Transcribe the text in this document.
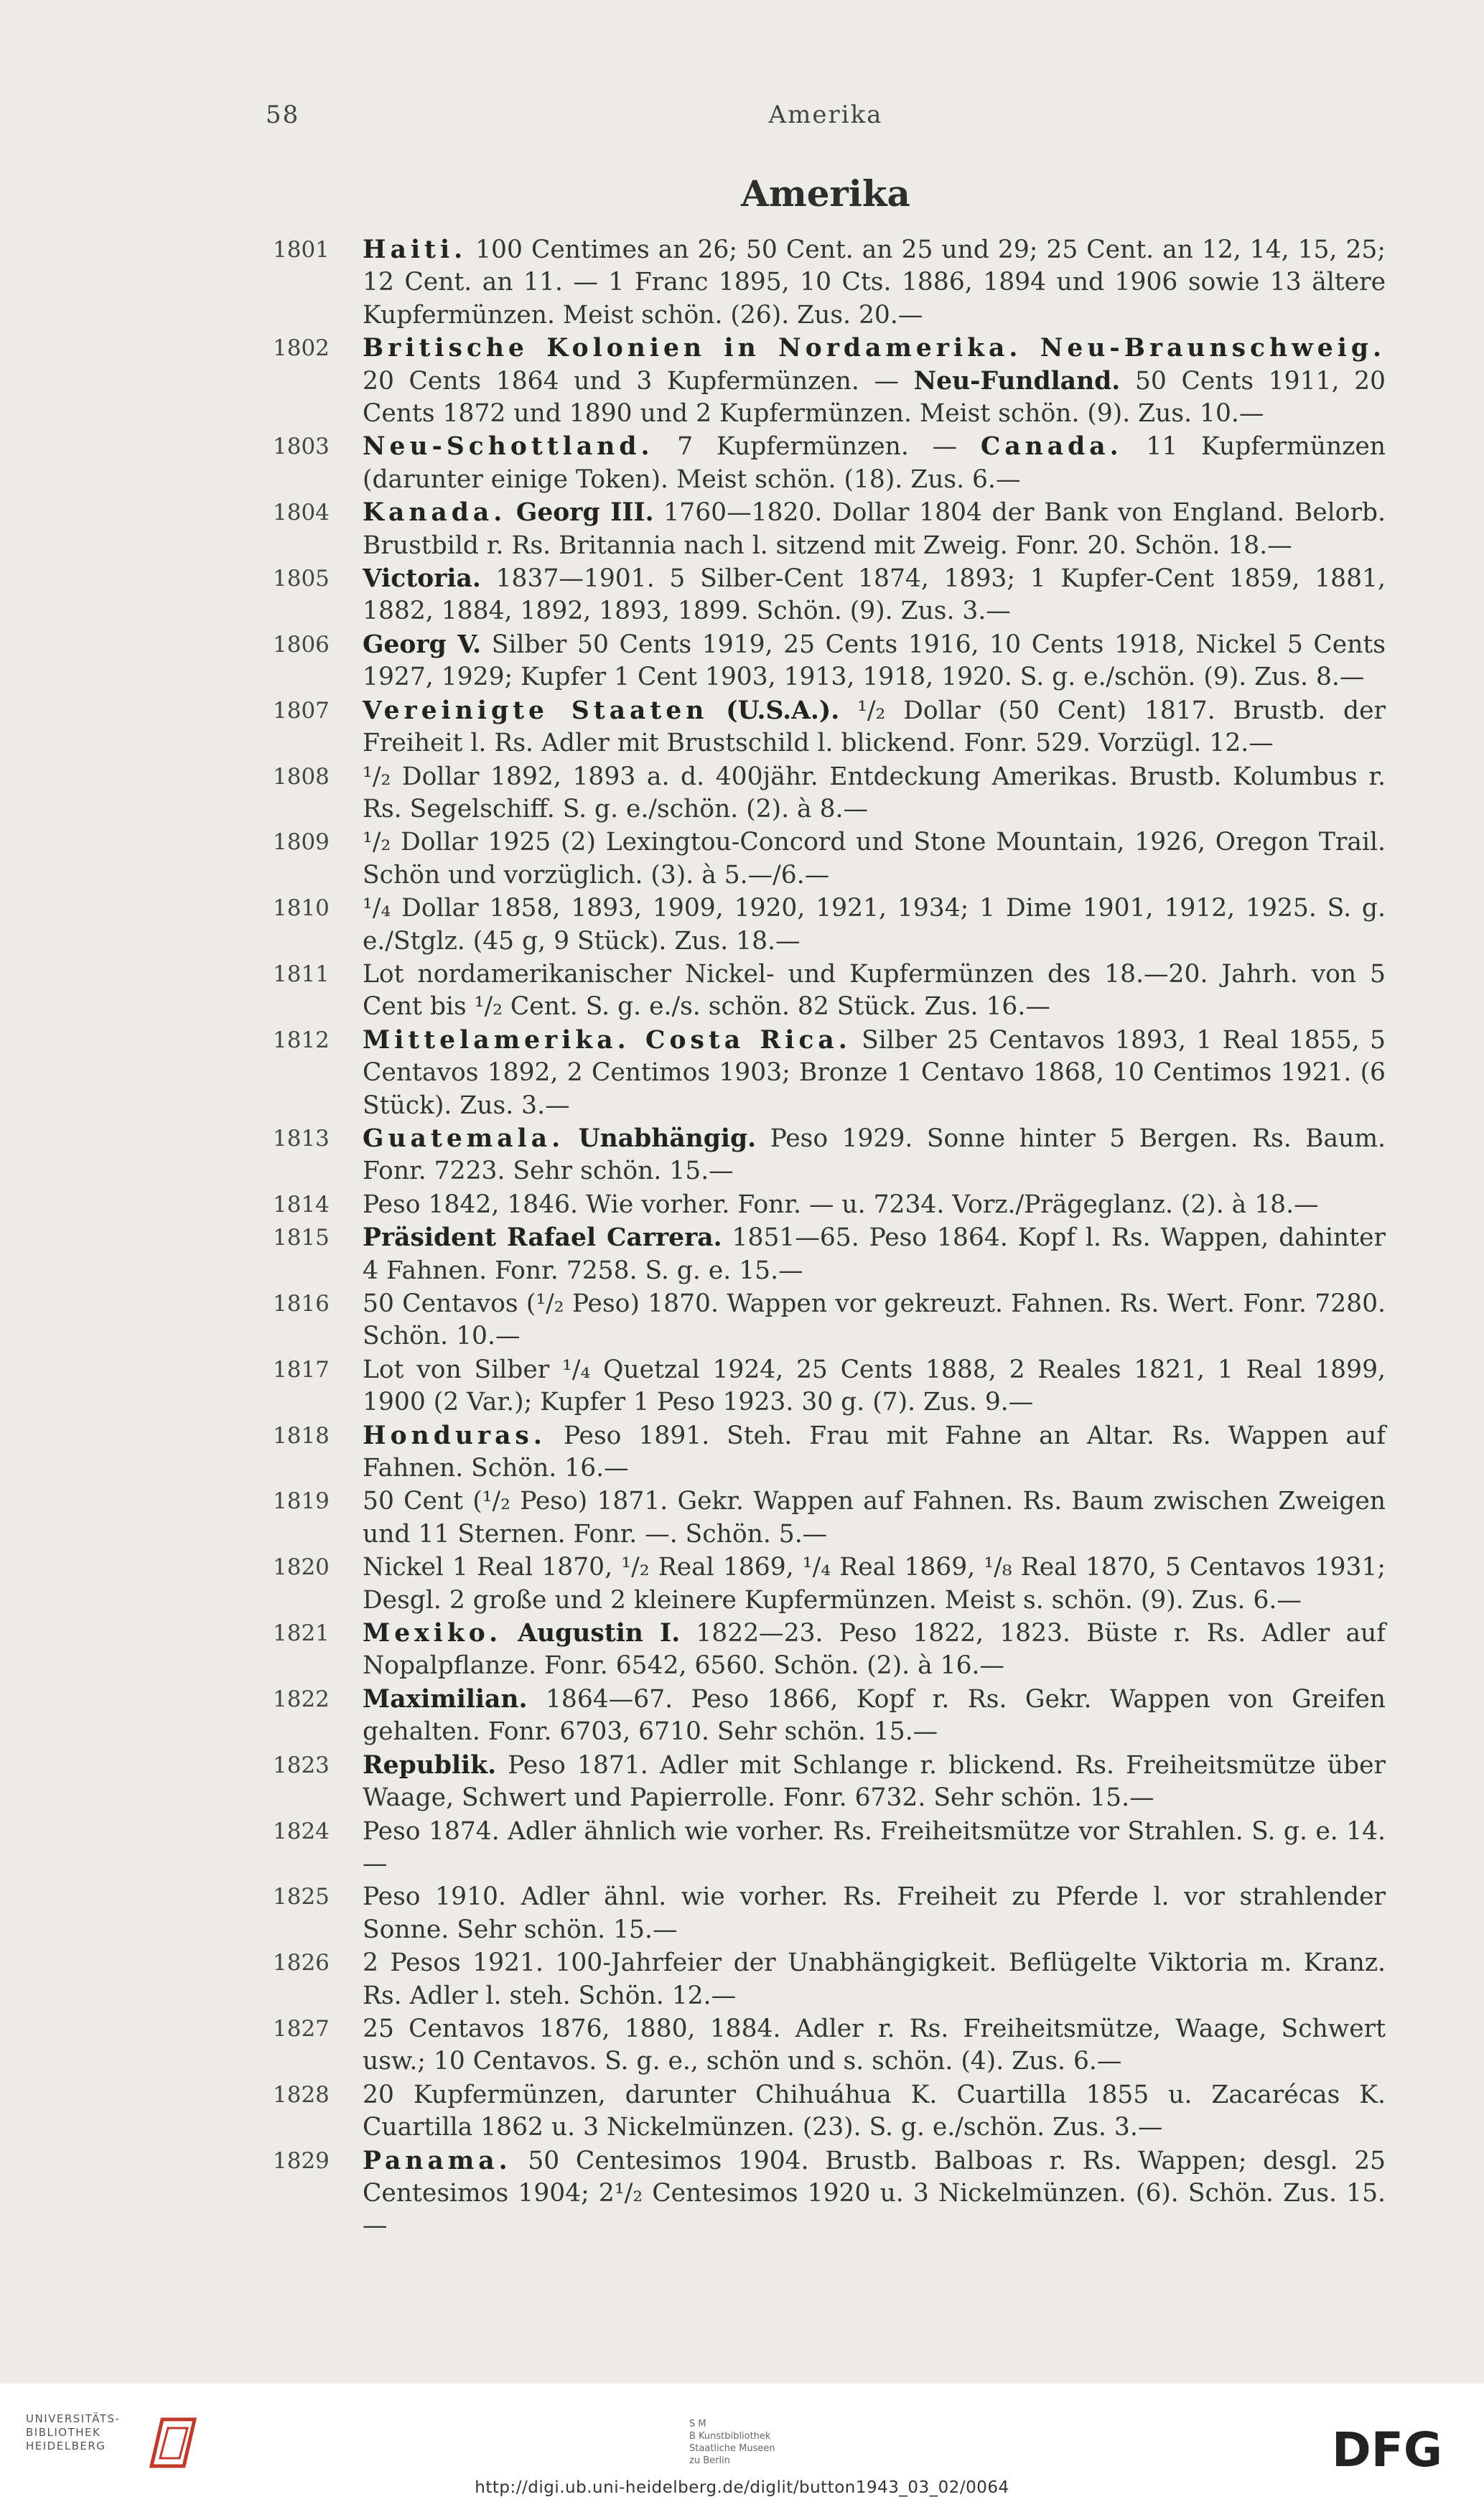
58	Amerika
Amerika
1801 Haiti. 100 Centimes an 26; 50 Cent. an 25 und 29; 25 Cent. an 12, 14, 15, 25; 12 Cent. an 11. — 1 Franc 1895, 10 Cts. 1886, 1894 und 1906 sowie 13 ältere Kupfermünzen. Meist schön. (26). Zus. 20.—
1802 Britische Kolonien in Nordamerika. Neu-Braunschweig. 20 Cents 1864 und 3 Kupfermünzen. — Neu-Fundland. 50 Cents 1911, 20 Cents 1872 und 1890 und 2 Kupfermünzen. Meist schön. (9). Zus. 10.—
1803 Neu-Schottland. 7 Kupfermünzen. — Canada. 11 Kupfermünzen (darunter einige Token). Meist schön. (18). Zus. 6.—
1804 Kanada. Georg III. 1760—1820. Dollar 1804 der Bank von England. Belorb. Brustbild r. Rs. Britannia nach l. sitzend mit Zweig. Fonr. 20. Schön. 18.—
1805 Victoria. 1837—1901. 5 Silber-Cent 1874, 1893; 1 Kupfer-Cent 1859, 1881, 1882, 1884, 1892, 1893, 1899. Schön. (9). Zus. 3.—
1806 Georg V. Silber 50 Cents 1919, 25 Cents 1916, 10 Cents 1918, Nickel 5 Cents 1927, 1929; Kupfer 1 Cent 1903, 1913, 1918, 1920. S. g. e./schön. (9). Zus. 8.—
1807 Vereinigte Staaten (U.S.A.). ¹/₂ Dollar (50 Cent) 1817. Brustb. der Freiheit l. Rs. Adler mit Brustschild l. blickend. Fonr. 529. Vorzügl. 12.—
1808 ¹/₂ Dollar 1892, 1893 a. d. 400jähr. Entdeckung Amerikas. Brustb. Kolumbus r. Rs. Segelschiff. S. g. e./schön. (2). à 8.—
1809 ¹/₂ Dollar 1925 (2) Lexingtou-Concord und Stone Mountain, 1926, Oregon Trail. Schön und vorzüglich. (3). à 5.—/6.—
1810 ¹/₄ Dollar 1858, 1893, 1909, 1920, 1921, 1934; 1 Dime 1901, 1912, 1925. S. g. e./Stglz. (45 g, 9 Stück). Zus. 18.—
1811 Lot nordamerikanischer Nickel- und Kupfermünzen des 18.—20. Jahrh. von 5 Cent bis ¹/₂ Cent. S. g. e./s. schön. 82 Stück. Zus. 16.—
1812 Mittelamerika. Costa Rica. Silber 25 Centavos 1893, 1 Real 1855, 5 Centavos 1892, 2 Centimos 1903; Bronze 1 Centavo 1868, 10 Centimos 1921. (6 Stück). Zus. 3.—
1813 Guatemala. Unabhängig. Peso 1929. Sonne hinter 5 Bergen. Rs. Baum. Fonr. 7223. Sehr schön. 15.—
1814 Peso 1842, 1846. Wie vorher. Fonr. — u. 7234. Vorz./Prägeglanz. (2). à 18.—
1815 Präsident Rafael Carrera. 1851—65. Peso 1864. Kopf l. Rs. Wappen, dahinter 4 Fahnen. Fonr. 7258. S. g. e. 15.—
1816 50 Centavos (¹/₂ Peso) 1870. Wappen vor gekreuzt. Fahnen. Rs. Wert. Fonr. 7280. Schön. 10.—
1817 Lot von Silber ¹/₄ Quetzal 1924, 25 Cents 1888, 2 Reales 1821, 1 Real 1899, 1900 (2 Var.); Kupfer 1 Peso 1923. 30 g. (7). Zus. 9.—
1818 Honduras. Peso 1891. Steh. Frau mit Fahne an Altar. Rs. Wappen auf Fahnen. Schön. 16.—
1819 50 Cent (¹/₂ Peso) 1871. Gekr. Wappen auf Fahnen. Rs. Baum zwischen Zweigen und 11 Sternen. Fonr. —. Schön. 5.—
1820 Nickel 1 Real 1870, ¹/₂ Real 1869, ¹/₄ Real 1869, ¹/₈ Real 1870, 5 Centavos 1931; Desgl. 2 große und 2 kleinere Kupfermünzen. Meist s. schön. (9). Zus. 6.—
1821 Mexiko. Augustin I. 1822—23. Peso 1822, 1823. Büste r. Rs. Adler auf Nopalpflanze. Fonr. 6542, 6560. Schön. (2). à 16.—
1822 Maximilian. 1864—67. Peso 1866, Kopf r. Rs. Gekr. Wappen von Greifen gehalten. Fonr. 6703, 6710. Sehr schön. 15.—
1823 Republik. Peso 1871. Adler mit Schlange r. blickend. Rs. Freiheitsmütze über Waage, Schwert und Papierrolle. Fonr. 6732. Sehr schön. 15.—
1824 Peso 1874. Adler ähnlich wie vorher. Rs. Freiheitsmütze vor Strahlen. S. g. e. 14.—
1825 Peso 1910. Adler ähnl. wie vorher. Rs. Freiheit zu Pferde l. vor strahlender Sonne. Sehr schön. 15.—
1826 2 Pesos 1921. 100-Jahrfeier der Unabhängigkeit. Beflügelte Viktoria m. Kranz. Rs. Adler l. steh. Schön. 12.—
1827 25 Centavos 1876, 1880, 1884. Adler r. Rs. Freiheitsmütze, Waage, Schwert usw.; 10 Centavos. S. g. e., schön und s. schön. (4). Zus. 6.—
1828 20 Kupfermünzen, darunter Chihuáhua K. Cuartilla 1855 u. Zacarécas K. Cuartilla 1862 u. 3 Nickelmünzen. (23). S. g. e./schön. Zus. 3.—
1829 Panama. 50 Centesimos 1904. Brustb. Balboas r. Rs. Wappen; desgl. 25 Centesimos 1904; 2¹/₂ Centesimos 1920 u. 3 Nickelmünzen. (6). Schön. Zus. 15.—
UNIVERSITÄTS-
BIBLIOTHEK
HEIDELBERG
S M
B Kunstbibliothek
Staatliche Museen
zu Berlin	DFG
http://digi.ub.uni-heidelberg.de/diglit/button1943_03_02/0064
